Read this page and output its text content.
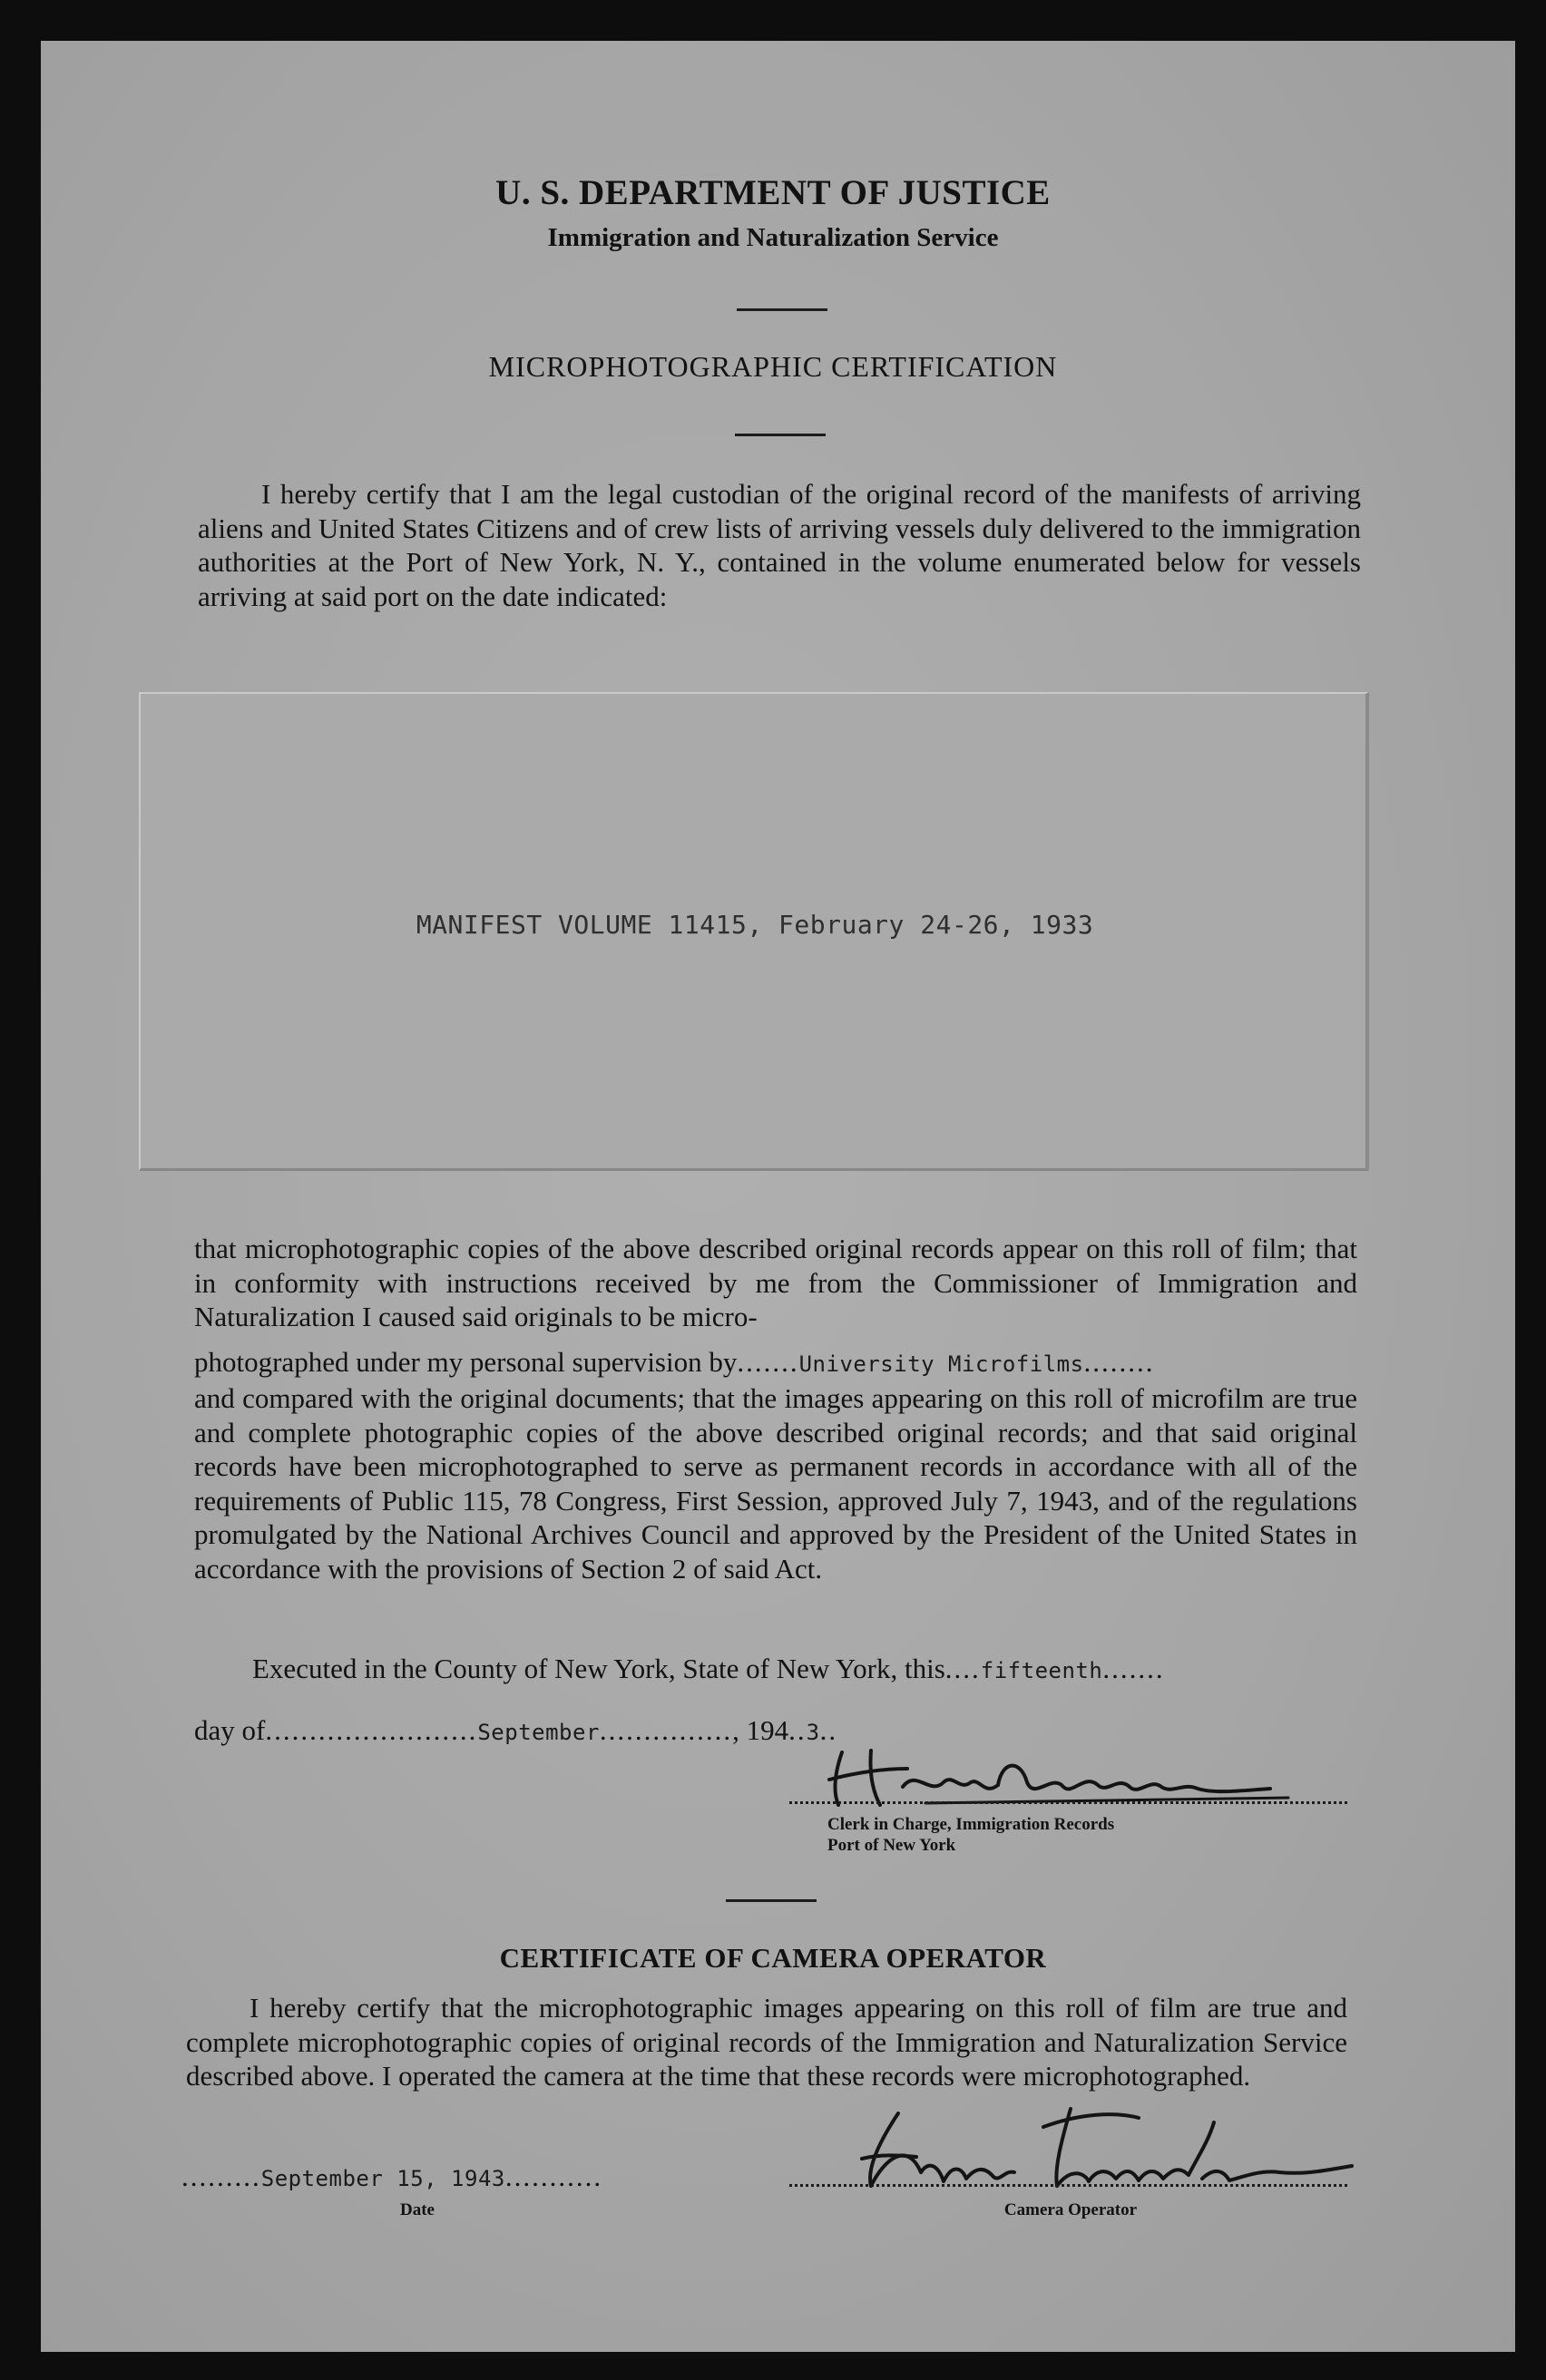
U. S. DEPARTMENT OF JUSTICE
Immigration and Naturalization Service
MICROPHOTOGRAPHIC CERTIFICATION
I hereby certify that I am the legal custodian of the original record of the manifests of arriving aliens and United States Citizens and of crew lists of arriving vessels duly delivered to the immigration authorities at the Port of New York, N. Y., contained in the volume enumerated below for vessels arriving at said port on the date indicated:
MANIFEST VOLUME 11415, February 24-26, 1933
that microphotographic copies of the above described original records appear on this roll of film; that in conformity with instructions received by me from the Commissioner of Immigration and Naturalization I caused said originals to be micro-
photographed under my personal supervision by.......University Microfilms........
and compared with the original documents; that the images appearing on this roll of microfilm are true and complete photographic copies of the above described original records; and that said original records have been microphotographed to serve as permanent records in accordance with all of the requirements of Public 115, 78 Congress, First Session, approved July 7, 1943, and of the regulations promulgated by the National Archives Council and approved by the President of the United States in accordance with the provisions of Section 2 of said Act.
Executed in the County of New York, State of New York, this....fifteenth.......
day of........................September..............., 194..3..
Clerk in Charge, Immigration Records
Port of New York
CERTIFICATE OF CAMERA OPERATOR
I hereby certify that the microphotographic images appearing on this roll of film are true and complete microphotographic copies of original records of the Immigration and Naturalization Service described above. I operated the camera at the time that these records were microphotographed.
.........September 15, 1943...........
Date	Camera Operator
